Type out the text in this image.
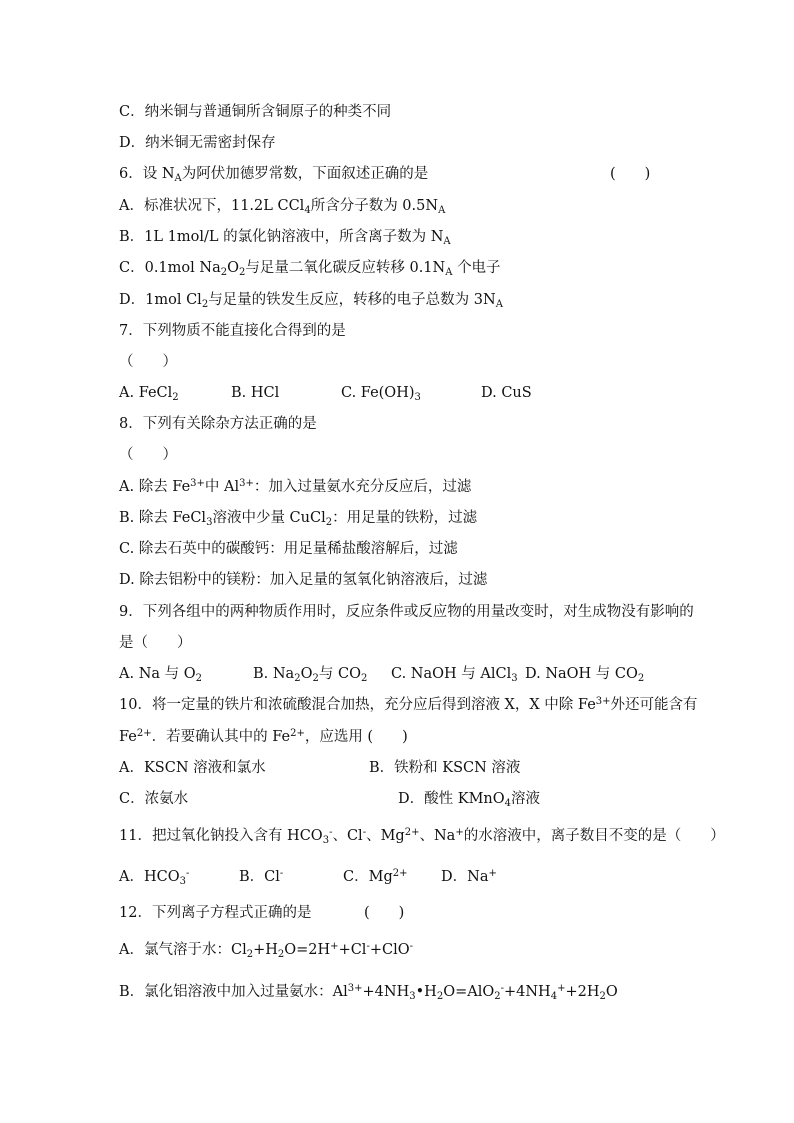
C．纳米铜与普通铜所含铜原子的种类不同
D．纳米铜无需密封保存
6．设 $N_A$为阿伏加德罗常数，下面叙述正确的是	(　　)
A．标准状况下，11.2L CCl$_4$所含分子数为 $0.5N_A$
B．1L 1mol/L 的氯化钠溶液中，所含离子数为 $N_A$
C．0.1mol $Na_2O_2$与足量二氧化碳反应转移 $0.1N_A$ 个电子
D．1mol $Cl_2$与足量的铁发生反应，转移的电子总数为 $3N_A$
7．下列物质不能直接化合得到的是
（　　）
A. FeCl$_2$	B. HCl	C. $Fe(OH)_3$	D. CuS
8．下列有关除杂方法正确的是
（　　）
A. 除去 $Fe^{3+}$中 $Al^{3+}$：加入过量氨水充分反应后，过滤
B. 除去 FeCl$_3$溶液中少量 CuCl$_2$：用足量的铁粉，过滤
C. 除去石英中的碳酸钙：用足量稀盐酸溶解后，过滤
D. 除去铝粉中的镁粉：加入足量的氢氧化钠溶液后，过滤
9．下列各组中的两种物质作用时，反应条件或反应物的用量改变时，对生成物没有影响的
是（　　）
A. Na 与 $O_2$	B. $Na_2O_2$与 $CO_2$ C. NaOH 与 AlCl$_3$ D. NaOH 与 $CO_2$
10．将一定量的铁片和浓硫酸混合加热，充分应后得到溶液 X，X 中除 $Fe^{3+}$外还可能含有
$Fe^{2+}$．若要确认其中的 $Fe^{2+}$，应选用 (　　)
A．KSCN 溶液和氯水	B．铁粉和 KSCN 溶液
C．浓氨水	D．酸性 KMnO$_4$溶液
11．把过氧化钠投入含有 $HCO_3^-$、Cl-、$Mg^{2+}$、Na+的水溶液中，离子数目不变的是（　　）
A．$HCO_3^-$	B．Cl-	C．$Mg^{2+}$ D．Na+
12．下列离子方程式正确的是	(　　)
A．氯气溶于水：$Cl_2+H_2O=2H^++Cl^-+ClO^-$
B．氯化铝溶液中加入过量氨水：$Al^{3+}+4NH_3•H_2O=AlO_2^-+4NH_4^++2H_2O$
